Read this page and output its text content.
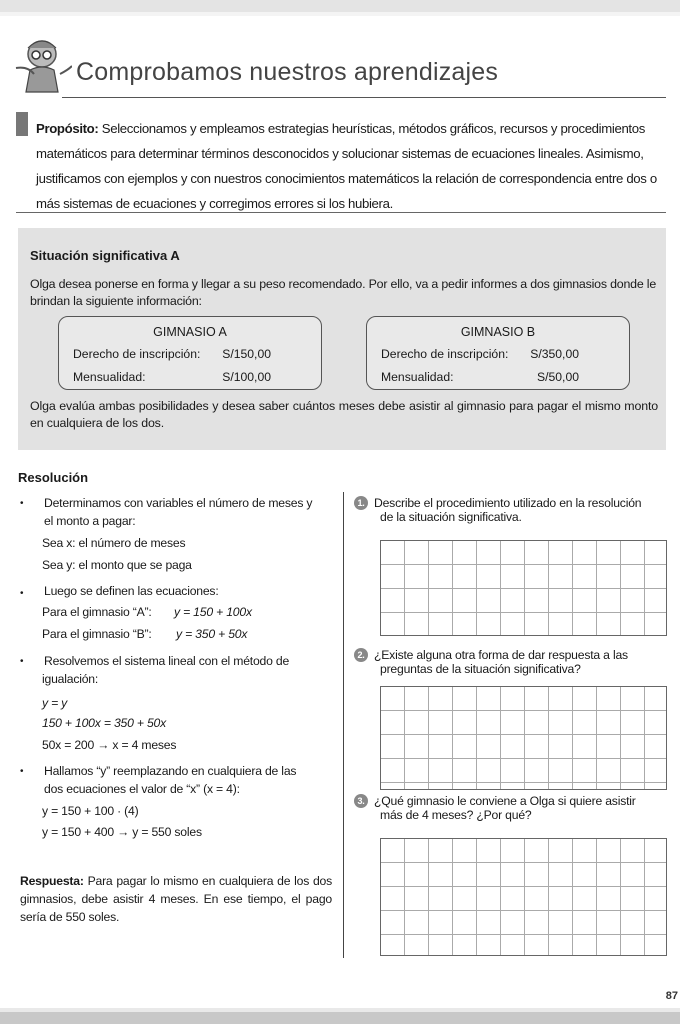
Comprobamos nuestros aprendizajes

Propósito: Seleccionamos y empleamos estrategias heurísticas, métodos gráficos, recursos y procedimientos matemáticos para determinar términos desconocidos y solucionar sistemas de ecuaciones lineales. Asimismo, justificamos con ejemplos y con nuestros conocimientos matemáticos la relación de correspondencia entre dos o más sistemas de ecuaciones y corregimos errores si los hubiera.

Situación significativa A

Olga desea ponerse en forma y llegar a su peso recomendado. Por ello, va a pedir informes a dos gimnasios donde le brindan la siguiente información:

GIMNASIO A
Derecho de inscripción: S/150,00
Mensualidad:	S/100,00
GIMNASIO B
Derecho de inscripción: S/350,00
Mensualidad:	S/50,00

Olga evalúa ambas posibilidades y desea saber cuántos meses debe asistir al gimnasio para pagar el mismo monto en cualquiera de los dos.

Resolución
• Determinamos con variables el número de meses y
el monto a pagar:
Sea x: el número de meses
Sea y: el monto que se paga
• Luego se definen las ecuaciones:
Para el gimnasio “A”: y = 150 + 100x
Para el gimnasio “B”: y = 350 + 50x
• Resolvemos el sistema lineal con el método de
igualación:
y = y
150 + 100x = 350 + 50x
50x = 200 → x = 4 meses
• Hallamos “y” reemplazando en cualquiera de las
dos ecuaciones el valor de “x” (x = 4):
y = 150 + 100 · (4)
y = 150 + 400 → y = 550 soles
Respuesta: Para pagar lo mismo en cualquiera de los dos gimnasios, debe asistir 4 meses. En ese tiempo, el pago sería de 550 soles.
1. Describe el procedimiento utilizado en la resolución
de la situación significativa.
2. ¿Existe alguna otra forma de dar respuesta a las
preguntas de la situación significativa?
3. ¿Qué gimnasio le conviene a Olga si quiere asistir
más de 4 meses? ¿Por qué?
87
